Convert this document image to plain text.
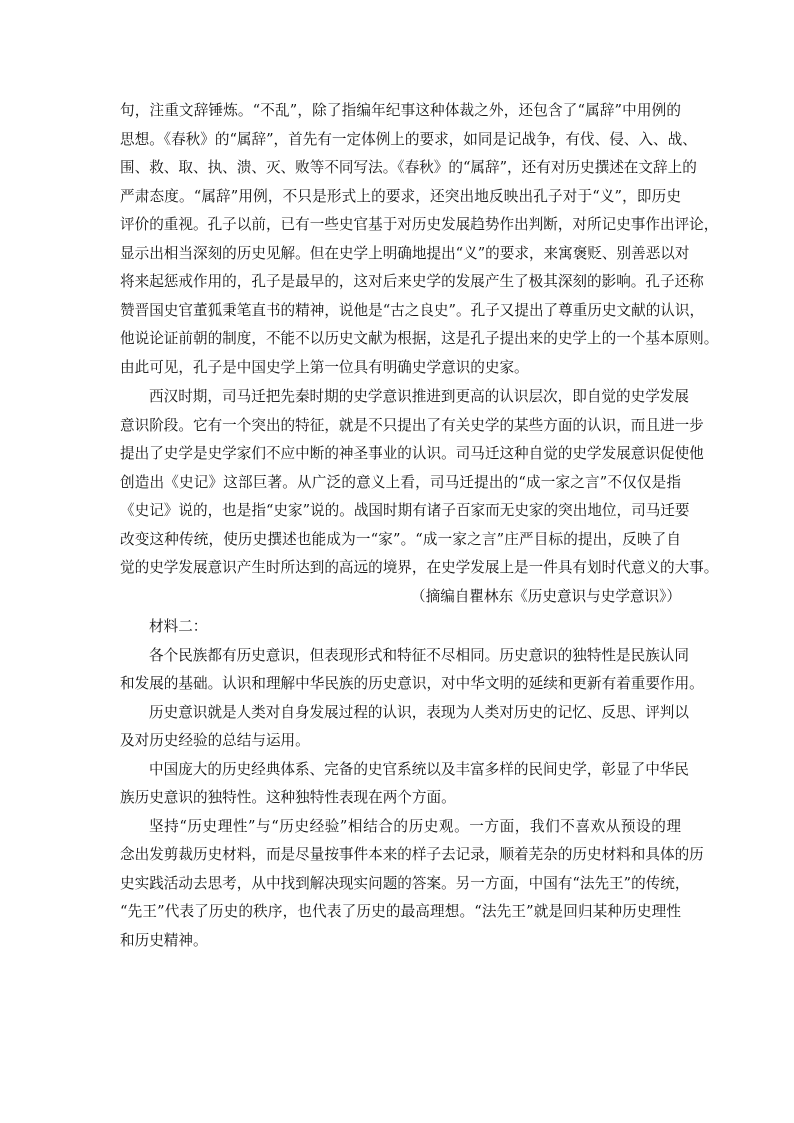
句，注重文辞锤炼。“不乱”，除了指编年纪事这种体裁之外，还包含了“属辞”中用例的
思想。《春秋》的“属辞”，首先有一定体例上的要求，如同是记战争，有伐、侵、入、战、
围、救、取、执、溃、灭、败等不同写法。《春秋》的“属辞”，还有对历史撰述在文辞上的
严肃态度。“属辞”用例，不只是形式上的要求，还突出地反映出孔子对于“义”，即历史
评价的重视。孔子以前，已有一些史官基于对历史发展趋势作出判断，对所记史事作出评论，
显示出相当深刻的历史见解。但在史学上明确地提出“义”的要求，来寓褒贬、别善恶以对
将来起惩戒作用的，孔子是最早的，这对后来史学的发展产生了极其深刻的影响。孔子还称
赞晋国史官董狐秉笔直书的精神，说他是“古之良史”。孔子又提出了尊重历史文献的认识，
他说论证前朝的制度，不能不以历史文献为根据，这是孔子提出来的史学上的一个基本原则。
由此可见，孔子是中国史学上第一位具有明确史学意识的史家。
西汉时期，司马迁把先秦时期的史学意识推进到更高的认识层次，即自觉的史学发展
意识阶段。它有一个突出的特征，就是不只提出了有关史学的某些方面的认识，而且进一步
提出了史学是史学家们不应中断的神圣事业的认识。司马迁这种自觉的史学发展意识促使他
创造出《史记》这部巨著。从广泛的意义上看，司马迁提出的“成一家之言”不仅仅是指
《史记》说的，也是指“史家”说的。战国时期有诸子百家而无史家的突出地位，司马迁要
改变这种传统，使历史撰述也能成为一“家”。“成一家之言”庄严目标的提出，反映了自
觉的史学发展意识产生时所达到的高远的境界，在史学发展上是一件具有划时代意义的大事。
（摘编自瞿林东《历史意识与史学意识》）
材料二：
各个民族都有历史意识，但表现形式和特征不尽相同。历史意识的独特性是民族认同
和发展的基础。认识和理解中华民族的历史意识，对中华文明的延续和更新有着重要作用。
历史意识就是人类对自身发展过程的认识，表现为人类对历史的记忆、反思、评判以
及对历史经验的总结与运用。
中国庞大的历史经典体系、完备的史官系统以及丰富多样的民间史学，彰显了中华民
族历史意识的独特性。这种独特性表现在两个方面。
坚持“历史理性”与“历史经验”相结合的历史观。一方面，我们不喜欢从预设的理
念出发剪裁历史材料，而是尽量按事件本来的样子去记录，顺着芜杂的历史材料和具体的历
史实践活动去思考，从中找到解决现实问题的答案。另一方面，中国有“法先王”的传统，
“先王”代表了历史的秩序，也代表了历史的最高理想。“法先王”就是回归某种历史理性
和历史精神。
